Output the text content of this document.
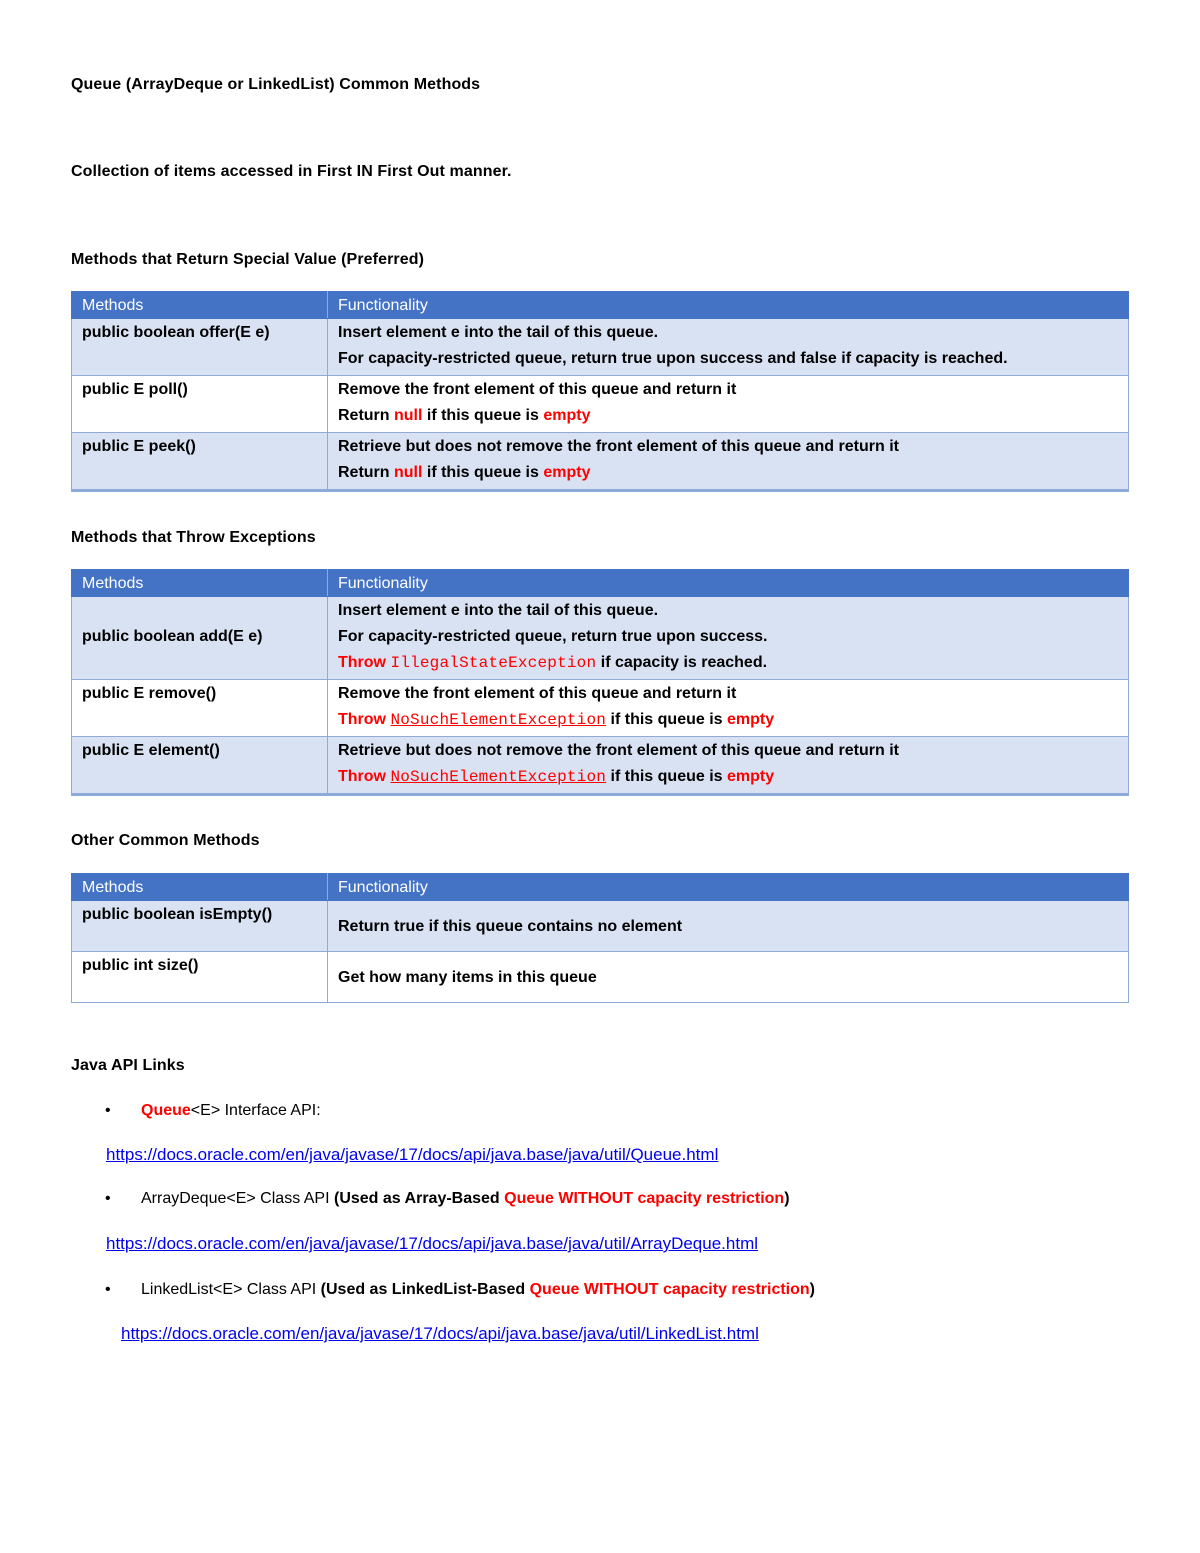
Queue (ArrayDeque or LinkedList) Common Methods
Collection of items accessed in First IN First Out manner.
Methods that Return Special Value (Preferred)
Methods	Functionality
public boolean offer(E e)	Insert element e into the tail of this queue.
For capacity-restricted queue, return true upon success and false if capacity is reached.

public E poll()	Remove the front element of this queue and return it
Return null if this queue is empty

public E peek()	Retrieve but does not remove the front element of this queue and return it
Return null if this queue is empty
Methods that Throw Exceptions
Methods	Functionality
public boolean add(E e)	Insert element e into the tail of this queue.
For capacity-restricted queue, return true upon success.
Throw IllegalStateException if capacity is reached.

public E remove()	Remove the front element of this queue and return it
Throw NoSuchElementException if this queue is empty

public E element()	Retrieve but does not remove the front element of this queue and return it
Throw NoSuchElementException if this queue is empty
Other Common Methods
Methods	Functionality
public boolean isEmpty()	Return true if this queue contains no element
public int size()	Get how many items in this queue
Java API Links
• Queue<E> Interface API:
https://docs.oracle.com/en/java/javase/17/docs/api/java.base/java/util/Queue.html
• ArrayDeque<E> Class API (Used as Array-Based Queue WITHOUT capacity restriction)
https://docs.oracle.com/en/java/javase/17/docs/api/java.base/java/util/ArrayDeque.html
• LinkedList<E> Class API (Used as LinkedList-Based Queue WITHOUT capacity restriction)
https://docs.oracle.com/en/java/javase/17/docs/api/java.base/java/util/LinkedList.html
